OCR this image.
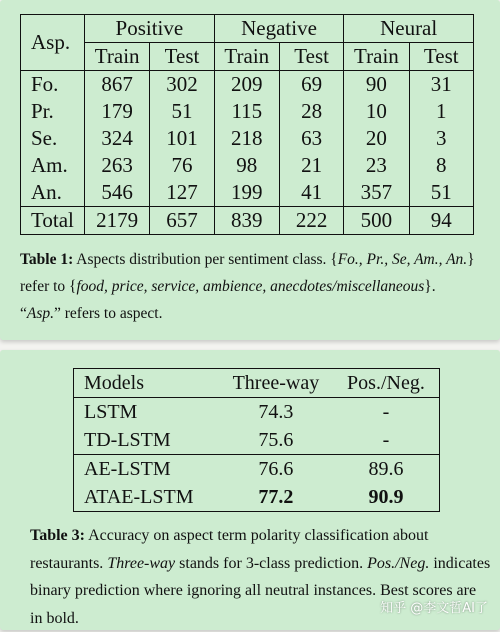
Asp.	Positive		Negative		Neural	
	Train	Test	Train	Test	Train	Test
Fo.	867	302	209	69	90	31
Pr.	179	51	115	28	10	1
Se.	324	101	218	63	20	3
Am.	263	76	98	21	23	8
An.	546	127	199	41	357	51
Total	2179	657	839	222	500	94
Table 1: Aspects distribution per sentiment class. {Fo., Pr., Se, Am., An.} refer to {food, price, service, ambience, anecdotes/miscellaneous}. “Asp.” refers to aspect.
Models	Three-way	Pos./Neg.
LSTM	74.3	-
TD-LSTM	75.6	-
AE-LSTM	76.6	89.6
ATAE-LSTM	77.2	90.9
Table 3: Accuracy on aspect term polarity classification about restaurants. Three-way stands for 3-class prediction. Pos./Neg. indicates binary prediction where ignoring all neutral instances. Best scores are in bold.
知乎 @李文哲AI了
